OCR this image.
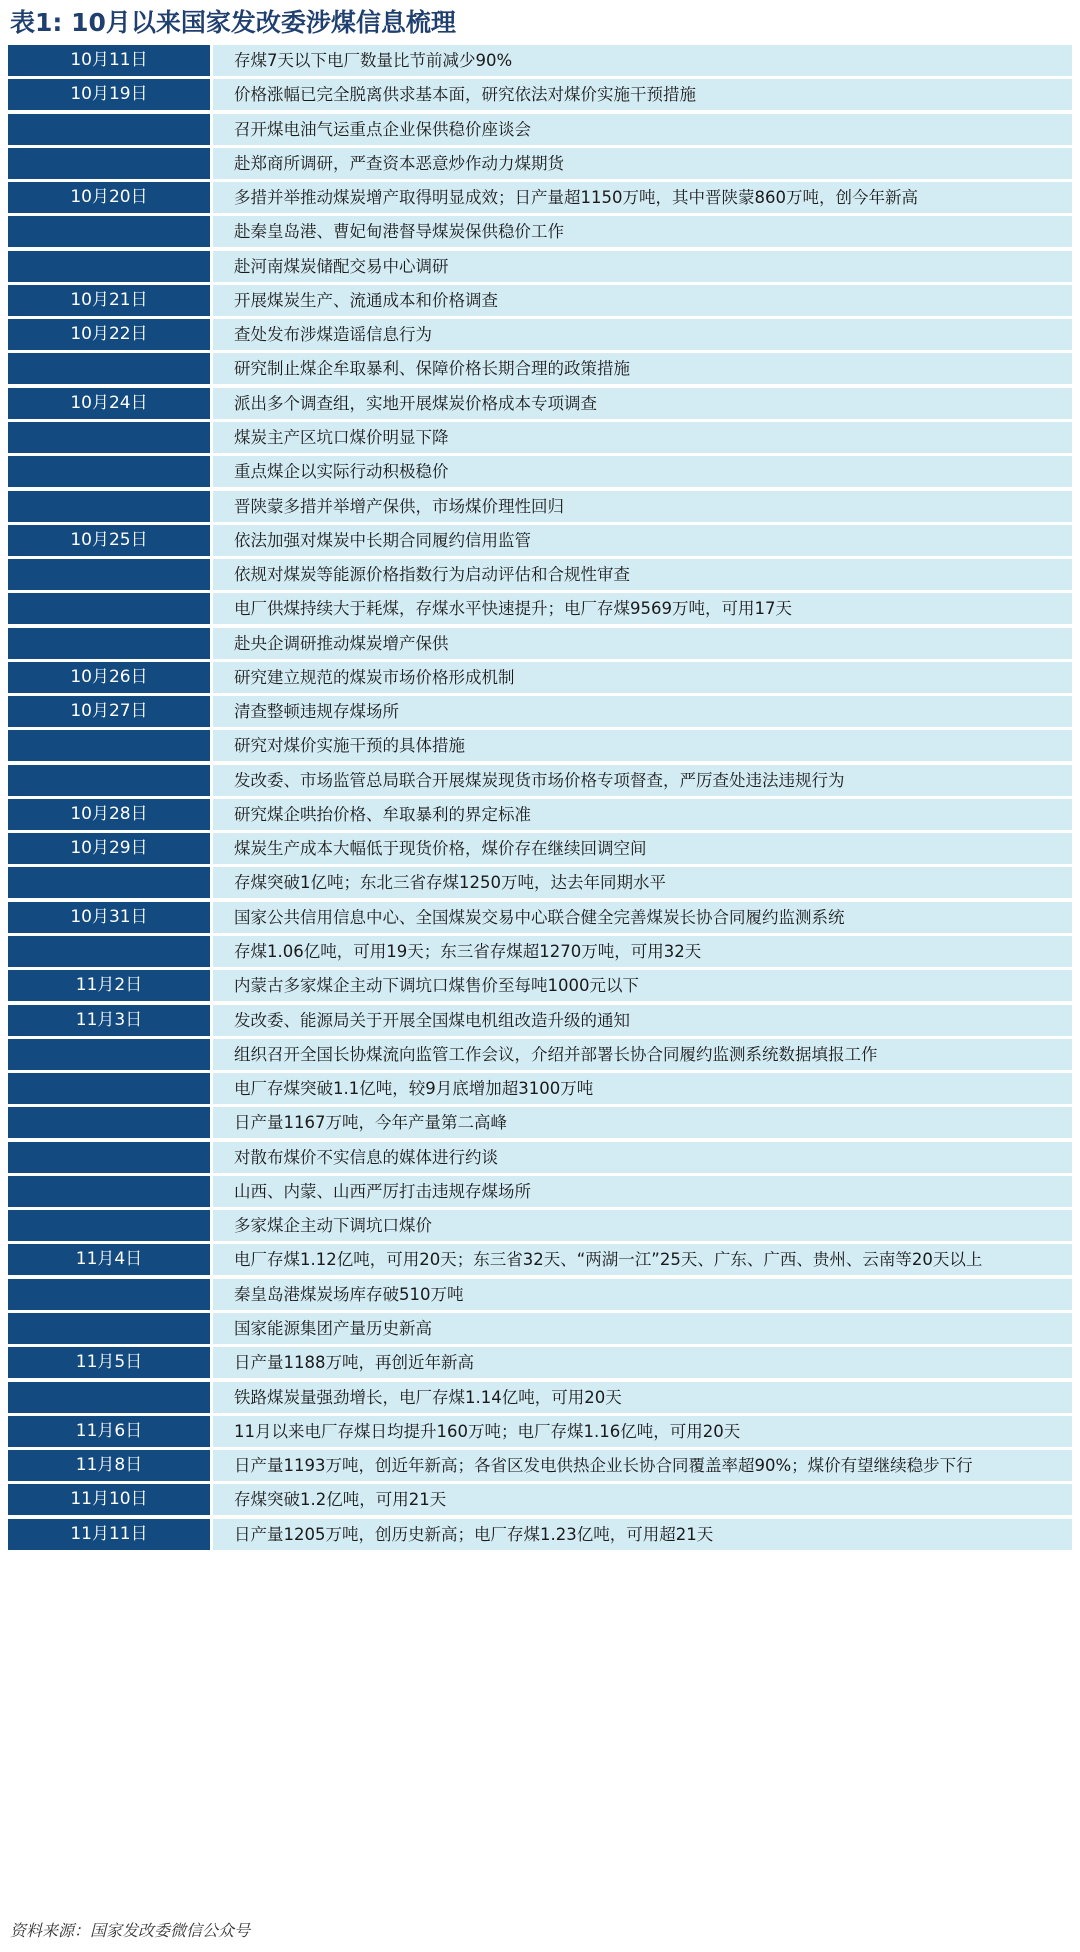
表1: 10月以来国家发改委涉煤信息梳理
10月11日	存煤7天以下电厂数量比节前减少90%
10月19日	价格涨幅已完全脱离供求基本面，研究依法对煤价实施干预措施
召开煤电油气运重点企业保供稳价座谈会
赴郑商所调研，严查资本恶意炒作动力煤期货
10月20日	多措并举推动煤炭增产取得明显成效；日产量超1150万吨，其中晋陕蒙860万吨，创今年新高
赴秦皇岛港、曹妃甸港督导煤炭保供稳价工作
赴河南煤炭储配交易中心调研
10月21日	开展煤炭生产、流通成本和价格调查
10月22日	查处发布涉煤造谣信息行为
研究制止煤企牟取暴利、保障价格长期合理的政策措施
10月24日	派出多个调查组，实地开展煤炭价格成本专项调查
煤炭主产区坑口煤价明显下降
重点煤企以实际行动积极稳价
晋陕蒙多措并举增产保供，市场煤价理性回归
10月25日	依法加强对煤炭中长期合同履约信用监管
依规对煤炭等能源价格指数行为启动评估和合规性审查
电厂供煤持续大于耗煤，存煤水平快速提升；电厂存煤9569万吨，可用17天
赴央企调研推动煤炭增产保供
10月26日	研究建立规范的煤炭市场价格形成机制
10月27日	清查整顿违规存煤场所
研究对煤价实施干预的具体措施
发改委、市场监管总局联合开展煤炭现货市场价格专项督查，严厉查处违法违规行为
10月28日	研究煤企哄抬价格、牟取暴利的界定标准
10月29日	煤炭生产成本大幅低于现货价格，煤价存在继续回调空间
存煤突破1亿吨；东北三省存煤1250万吨，达去年同期水平
10月31日	国家公共信用信息中心、全国煤炭交易中心联合健全完善煤炭长协合同履约监测系统
存煤1.06亿吨，可用19天；东三省存煤超1270万吨，可用32天
11月2日	内蒙古多家煤企主动下调坑口煤售价至每吨1000元以下
11月3日	发改委、能源局关于开展全国煤电机组改造升级的通知
组织召开全国长协煤流向监管工作会议，介绍并部署长协合同履约监测系统数据填报工作
电厂存煤突破1.1亿吨，较9月底增加超3100万吨
日产量1167万吨，今年产量第二高峰
对散布煤价不实信息的媒体进行约谈
山西、内蒙、山西严厉打击违规存煤场所
多家煤企主动下调坑口煤价
11月4日	电厂存煤1.12亿吨，可用20天；东三省32天、“两湖一江”25天、广东、广西、贵州、云南等20天以上
秦皇岛港煤炭场库存破510万吨
国家能源集团产量历史新高
11月5日	日产量1188万吨，再创近年新高
铁路煤炭量强劲增长，电厂存煤1.14亿吨，可用20天
11月6日	11月以来电厂存煤日均提升160万吨；电厂存煤1.16亿吨，可用20天
11月8日	日产量1193万吨，创近年新高；各省区发电供热企业长协合同覆盖率超90%；煤价有望继续稳步下行
11月10日	存煤突破1.2亿吨，可用21天
11月11日	日产量1205万吨，创历史新高；电厂存煤1.23亿吨，可用超21天
资料来源：国家发改委微信公众号
